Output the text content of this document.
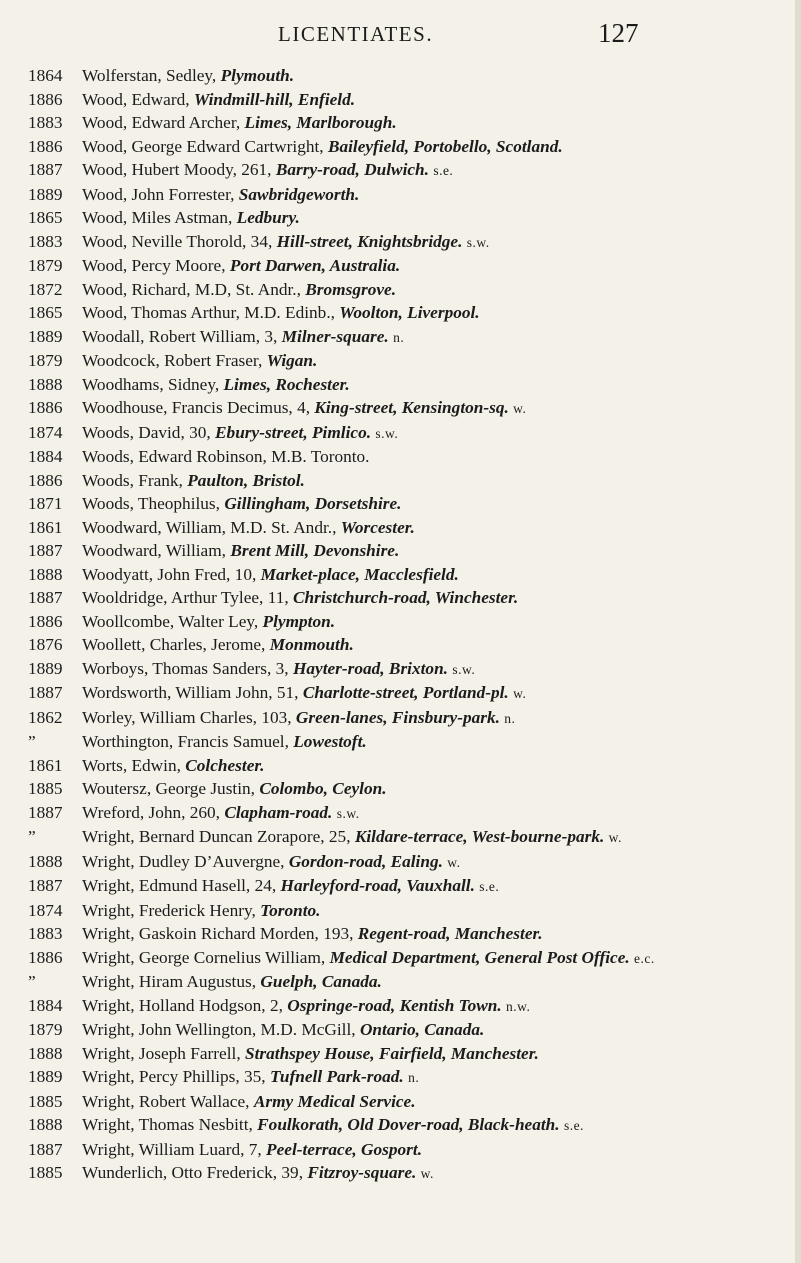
LICENTIATES.	127
1864	Wolferstan, Sedley, Plymouth.
1886	Wood, Edward, Windmill-hill, Enfield.
1883	Wood, Edward Archer, Limes, Marlborough.
1886	Wood, George Edward Cartwright, Baileyfield, Portobello, Scotland.
1887	Wood, Hubert Moody, 261, Barry-road, Dulwich. s.e.
1889	Wood, John Forrester, Sawbridgeworth.
1865	Wood, Miles Astman, Ledbury.
1883	Wood, Neville Thorold, 34, Hill-street, Knightsbridge. s.w.
1879	Wood, Percy Moore, Port Darwen, Australia.
1872	Wood, Richard, M.D, St. Andr., Bromsgrove.
1865	Wood, Thomas Arthur, M.D. Edinb., Woolton, Liverpool.
1889	Woodall, Robert William, 3, Milner-square. n.
1879	Woodcock, Robert Fraser, Wigan.
1888	Woodhams, Sidney, Limes, Rochester.
1886	Woodhouse, Francis Decimus, 4, King-street, Kensington-sq. w.
1874	Woods, David, 30, Ebury-street, Pimlico. s.w.
1884	Woods, Edward Robinson, M.B. Toronto.
1886	Woods, Frank, Paulton, Bristol.
1871	Woods, Theophilus, Gillingham, Dorsetshire.
1861	Woodward, William, M.D. St. Andr., Worcester.
1887	Woodward, William, Brent Mill, Devonshire.
1888	Woodyatt, John Fred, 10, Market-place, Macclesfield.
1887	Wooldridge, Arthur Tylee, 11, Christchurch-road, Winchester.
1886	Woollcombe, Walter Ley, Plympton.
1876	Woollett, Charles, Jerome, Monmouth.
1889	Worboys, Thomas Sanders, 3, Hayter-road, Brixton. s.w.
1887	Wordsworth, William John, 51, Charlotte-street, Portland-pl. w.
1862	Worley, William Charles, 103, Green-lanes, Finsbury-park. n.
”	Worthington, Francis Samuel, Lowestoft.
1861	Worts, Edwin, Colchester.
1885	Woutersz, George Justin, Colombo, Ceylon.
1887	Wreford, John, 260, Clapham-road. s.w.
”	Wright, Bernard Duncan Zorapore, 25, Kildare-terrace, West-bourne-park. w.
1888	Wright, Dudley D’Auvergne, Gordon-road, Ealing. w.
1887	Wright, Edmund Hasell, 24, Harleyford-road, Vauxhall. s.e.
1874	Wright, Frederick Henry, Toronto.
1883	Wright, Gaskoin Richard Morden, 193, Regent-road, Manchester.
1886	Wright, George Cornelius William, Medical Department, General Post Office. e.c.
”	Wright, Hiram Augustus, Guelph, Canada.
1884	Wright, Holland Hodgson, 2, Ospringe-road, Kentish Town. n.w.
1879	Wright, John Wellington, M.D. McGill, Ontario, Canada.
1888	Wright, Joseph Farrell, Strathspey House, Fairfield, Manchester.
1889	Wright, Percy Phillips, 35, Tufnell Park-road. n.
1885	Wright, Robert Wallace, Army Medical Service.
1888	Wright, Thomas Nesbitt, Foulkorath, Old Dover-road, Black-heath. s.e.
1887	Wright, William Luard, 7, Peel-terrace, Gosport.
1885	Wunderlich, Otto Frederick, 39, Fitzroy-square. w.
